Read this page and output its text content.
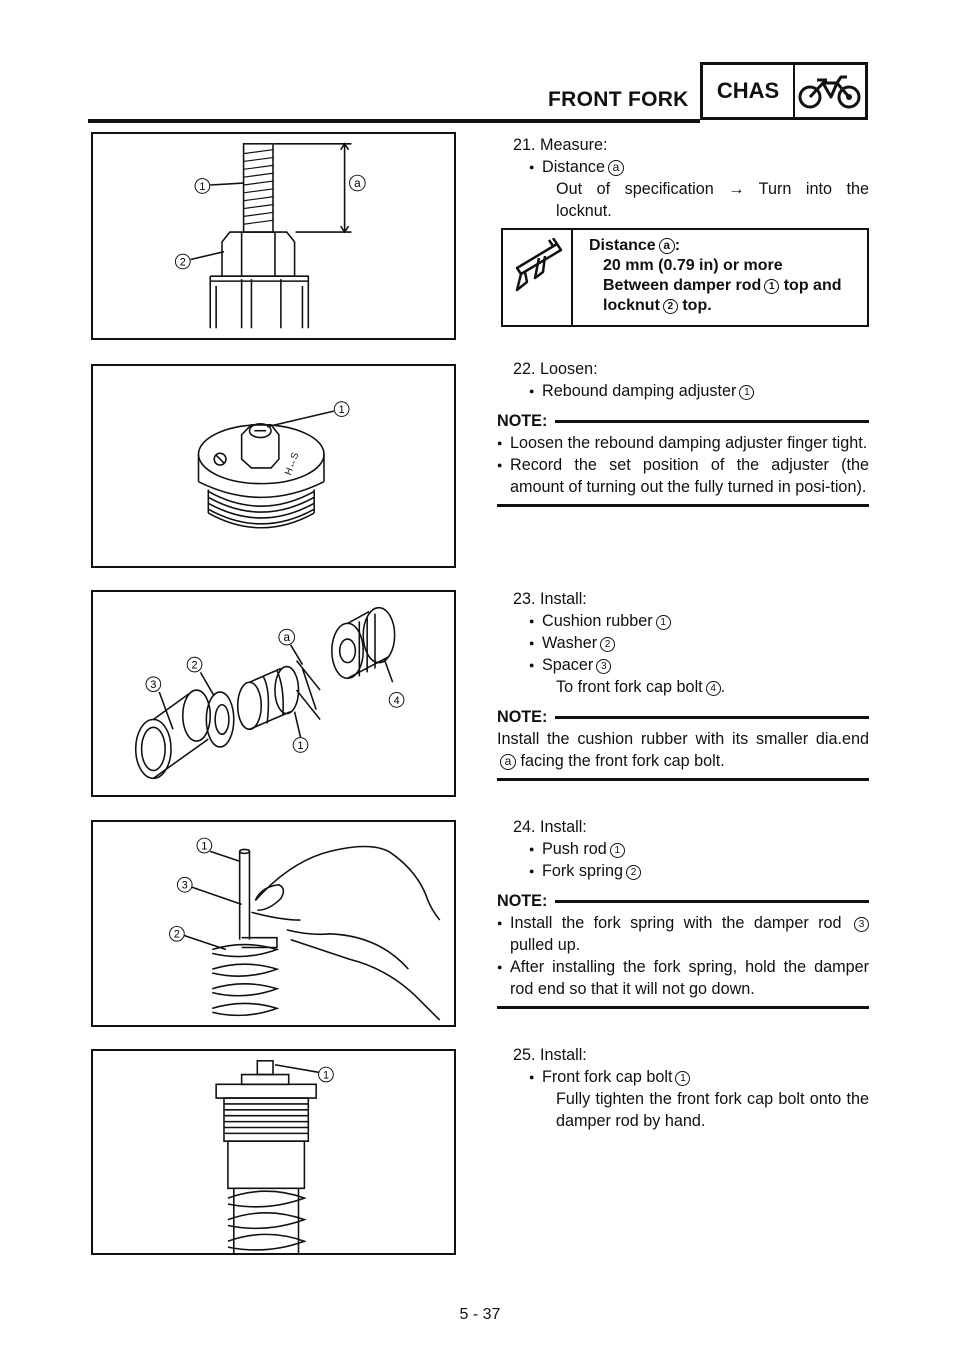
FRONT FORK	CHAS
1
2
a
H↔S
1
3
2
a
4
1
1
3
2
1
21. Measure:
● Distance a
Out of specification → Turn into the locknut.
Distance a :
20 mm (0.79 in) or more
Between damper rod 1 top and
locknut 2 top.
22. Loosen:
● Rebound damping adjuster 1
NOTE:
● Loosen the rebound damping adjuster finger tight.
● Record the set position of the adjuster (the amount of turning out the fully turned in posi-tion).
23. Install:
● Cushion rubber 1
● Washer 2
● Spacer 3
To front fork cap bolt 4 .
NOTE:
Install the cushion rubber with its smaller dia.end a facing the front fork cap bolt.
24. Install:
● Push rod 1
● Fork spring 2
NOTE:
● Install the fork spring with the damper rod 3 pulled up.
● After installing the fork spring, hold the damper rod end so that it will not go down.
25. Install:
● Front fork cap bolt 1
Fully tighten the front fork cap bolt onto the damper rod by hand.
5 - 37
